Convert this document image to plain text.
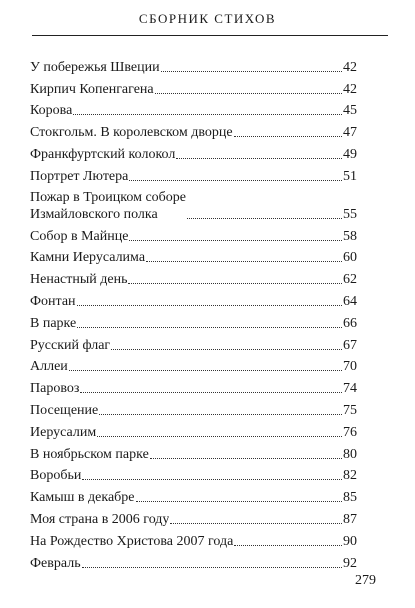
СБОРНИК СТИХОВ
У побережья Швеции	42
Кирпич Копенгагена	42
Корова	45
Стокгольм. В королевском дворце	47
Франкфуртский колокол	49
Портрет Лютера	51
Пожар в Троицком соборе
Измайловского полка	55
Собор в Майнце	58
Камни Иерусалима	60
Ненастный день	62
Фонтан	64
В парке	66
Русский флаг	67
Аллеи	70
Паровоз	74
Посещение	75
Иерусалим	76
В ноябрьском парке	80
Воробьи	82
Камыш в декабре	85
Моя страна в 2006 году	87
На Рождество Христова 2007 года	90
Февраль	92
279
